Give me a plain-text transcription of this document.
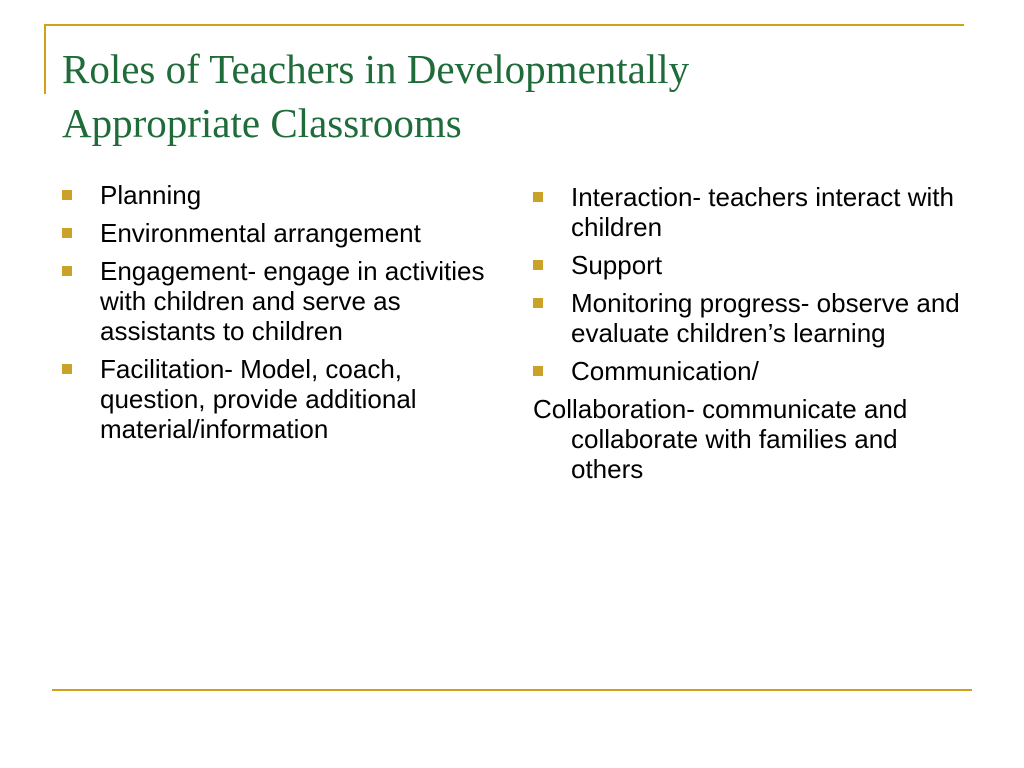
Roles of Teachers in Developmentally
Appropriate Classrooms
Planning
Environmental arrangement
Engagement- engage in activities with children and serve as assistants to children
Facilitation- Model, coach, question, provide additional material/information
Interaction- teachers interact with children
Support
Monitoring progress- observe and evaluate children’s learning
Communication/
Collaboration- communicate and collaborate with families and others
